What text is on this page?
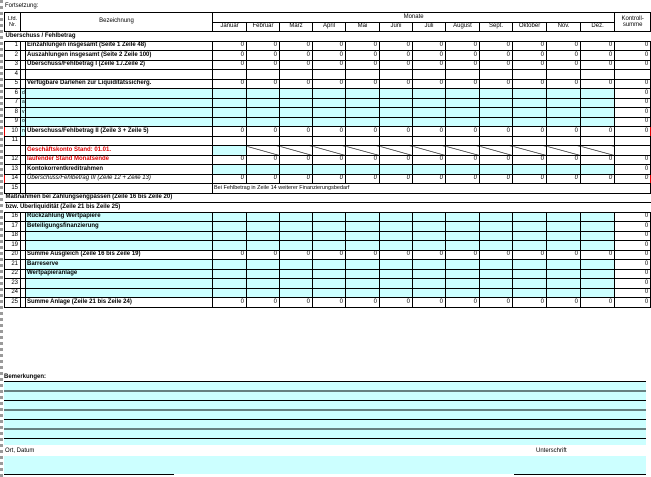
Fortsetzung:
Lfd. Nr.	Bezeichnung		Monate												Kontroll- summe
			Januar	Februar	März	April	Mai	Juni	Juli	August	Sept.	Oktober	Nov.	Dez.	
Überschuss / Fehlbetrag															
1		Einzahlungen insgesamt (Seite 1 Zeile 48)	0	0	0	0	0	0	0	0	0	0	0	0	0
2		Auszahlungen insgesamt (Seite 2 Zeile 100)	0	0	0	0	0	0	0	0	0	0	0	0	0
3		Überschuss/Fehlbetrag I (Zeile 1./.Zeile 2)	0	0	0	0	0	0	0	0	0	0	0	0	0
4															
5		Verfügbare Darlehen zur Liquiditätssicherg.	0	0	0	0	0	0	0	0	0	0	0	0	0
6	d														0
7	a														0
8	v														0
9	o														0
10	n	Überschuss/Fehlbetrag II (Zeile 3 + Zeile 5)	0	0	0	0	0	0	0	0	0	0	0	0	0
11															
		Geschäftskonto Stand: 01.01.													
12		laufender Stand Monatsende	0	0	0	0	0	0	0	0	0	0	0	0	0
13		Kontokorrentkreditrahmen													0
14		Überschuss/Fehlbetrag III (Zeile 12 + Zeile 13)	0	0	0	0	0	0	0	0	0	0	0	0	0
15			Bei Fehlbetrag in Zeile 14 weiterer Finanzierungsbedarf												
Maßnahmen bei Zahlungsengpässen (Zeile 16 bis Zeile 20)															
bzw. Überliquidität (Zeile 21 bis Zeile 25)															
16		Rückzahlung Wertpapiere													0
17		Beteiligungsfinanzierung													0
18															0
19															0
20		Summe Ausgleich (Zeile 16 bis Zeile 19)	0	0	0	0	0	0	0	0	0	0	0	0	0
21		Barreserve													0
22		Wertpapieranlage													0
23															0
24															0
25		Summe Anlage (Zeile 21 bis Zeile 24)	0	0	0	0	0	0	0	0	0	0	0	0	0
Bemerkungen:
Ort, Datum	Unterschrift
